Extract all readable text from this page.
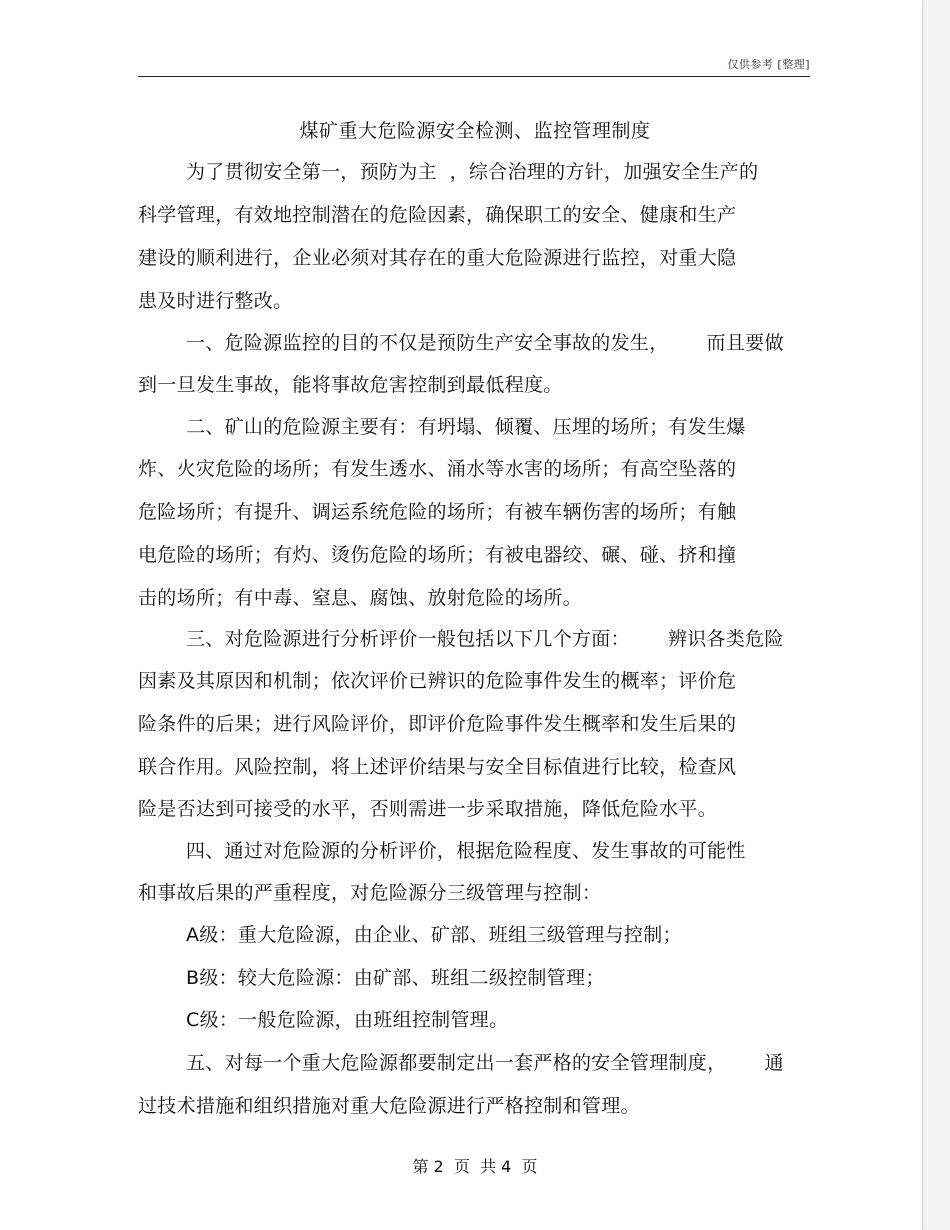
仅供参考 [整理]
煤矿重大危险源安全检测、监控管理制度
为了贯彻安全第一，预防为主  ，综合治理的方针，加强安全生产的
科学管理，有效地控制潜在的危险因素，确保职工的安全、健康和生产
建设的顺利进行，企业必须对其存在的重大危险源进行监控，对重大隐
患及时进行整改。
一、危险源监控的目的不仅是预防生产安全事故的发生，      而且要做
到一旦发生事故，能将事故危害控制到最低程度。
二、矿山的危险源主要有：有坍塌、倾覆、压埋的场所；有发生爆
炸、火灾危险的场所；有发生透水、涌水等水害的场所；有高空坠落的
危险场所；有提升、调运系统危险的场所；有被车辆伤害的场所；有触
电危险的场所；有灼、烫伤危险的场所；有被电器绞、碾、碰、挤和撞
击的场所；有中毒、窒息、腐蚀、放射危险的场所。
三、对危险源进行分析评价一般包括以下几个方面：      辨识各类危险
因素及其原因和机制；依次评价已辨识的危险事件发生的概率；评价危
险条件的后果；进行风险评价，即评价危险事件发生概率和发生后果的
联合作用。风险控制，将上述评价结果与安全目标值进行比较，检查风
险是否达到可接受的水平，否则需进一步采取措施，降低危险水平。
四、通过对危险源的分析评价，根据危险程度、发生事故的可能性
和事故后果的严重程度，对危险源分三级管理与控制：
A级：重大危险源，由企业、矿部、班组三级管理与控制；
B级：较大危险源：由矿部、班组二级控制管理；
C级：一般危险源，由班组控制管理。
五、对每一个重大危险源都要制定出一套严格的安全管理制度，      通
过技术措施和组织措施对重大危险源进行严格控制和管理。
第 2  页  共 4  页
